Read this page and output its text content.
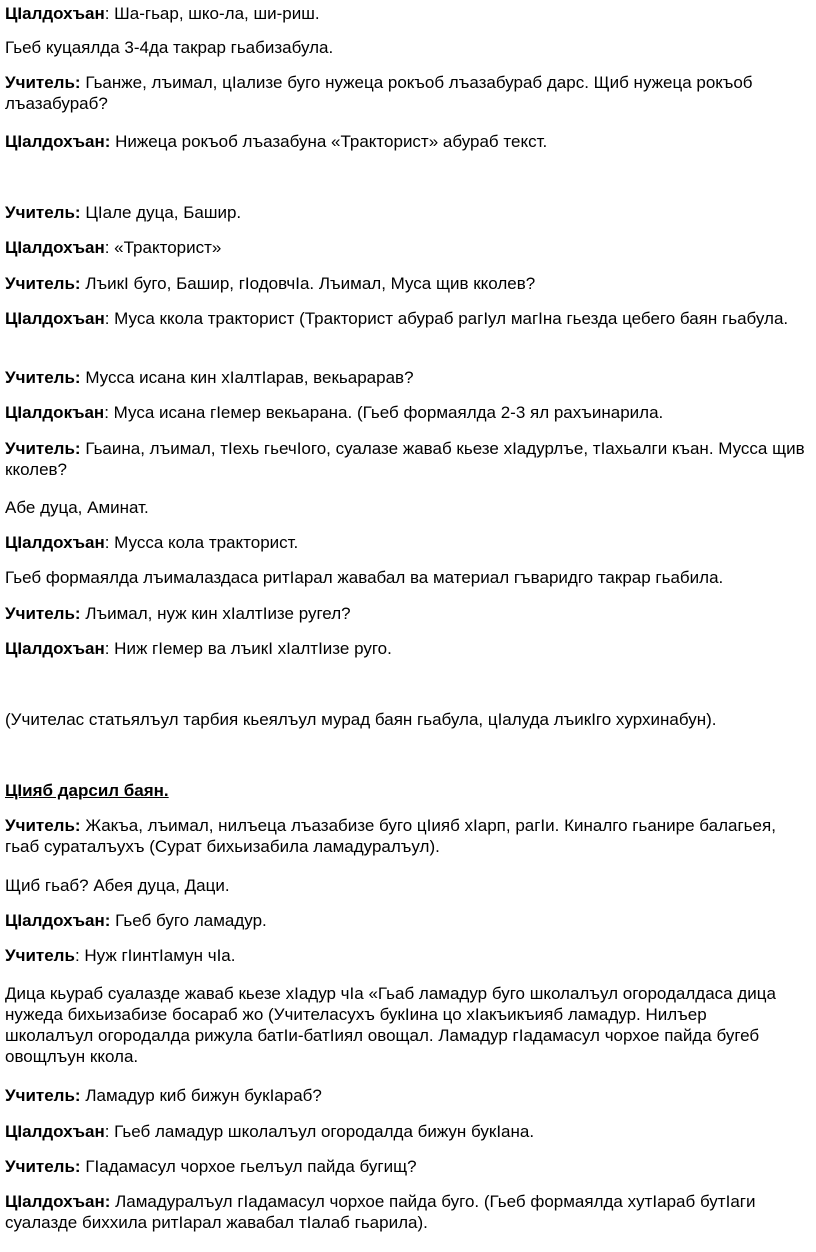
ЦIалдохъан: Ша-гьар, шко-ла, ши-риш.

Гьеб куцаялда 3-4да такрар гьабизабула.

Учитель: Гьанже, лъимал, цIализе буго нужеца рокъоб лъазабураб дарс. Щиб нужеца рокъоб лъазабураб?

ЦIалдохъан: Нижеца рокъоб лъазабуна «Тракторист» абураб текст.

Учитель: ЦIале дуца, Башир.

ЦIалдохъан: «Тракторист»

Учитель: ЛъикI буго, Башир, гIодовчIа. Лъимал, Муса щив кколев?

ЦIалдохъан: Муса ккола тракторист (Тракторист абураб рагIул магIна гьезда цебего баян гьабула.

Учитель: Мусса исана кин хIалтIарав, векьарарав?

ЦIалдокъан: Муса исана гIемер векьарана. (Гьеб формаялда 2-3 ял рахъинарила.

Учитель: Гьаина, лъимал, тIехь гьечIого, суалазе жаваб кьезе хIадурлъе, тIахьалги къан. Мусса щив кколев?

Абе дуца, Аминат.

ЦIалдохъан: Мусса кола тракторист.

Гьеб формаялда лъималаздаса ритIарал жавабал ва материал гъваридго такрар гьабила.

Учитель: Лъимал, нуж кин хIалтIизе ругел?

ЦIалдохъан: Ниж гIемер ва лъикI хIалтIизе руго.

(Учителас статьялъул тарбия кьеялъул мурад баян гьабула, цIалуда лъикIго хурхинабун).

ЦIияб дарсил баян.

Учитель: Жакъа, лъимал, нилъеца лъазабизе буго цIияб хIарп, рагIи. Киналго гьанире балагьея, гьаб сураталъухъ (Сурат бихьизабила ламадуралъул).

Щиб гьаб? Абея дуца, Даци.

ЦIалдохъан: Гьеб буго ламадур.

Учитель: Нуж гIинтIамун чIа.

Дица кьураб суалазде жаваб кьезе хIадур чIа «Гьаб ламадур буго школалъул огородалдаса дица нужеда бихьизабизе босараб жо (Учителасухъ букIина цо хIакъикъияб ламадур. Нилъер           школалъул огородалда рижула батIи-батIиял овощал. Ламадур гIадамасул чорхое пайда бугеб овощлъун ккола.

Учитель: Ламадур киб бижун букIараб?

ЦIалдохъан: Гьеб ламадур школалъул огородалда бижун букIана.

Учитель: ГIадамасул чорхое гьелъул пайда бугищ?

ЦIалдохъан: Ламадуралъул гIадамасул чорхое пайда буго. (Гьеб формаялда хутIараб бутIаги суалазде биххила ритIарал жавабал тIалаб гьарила).
